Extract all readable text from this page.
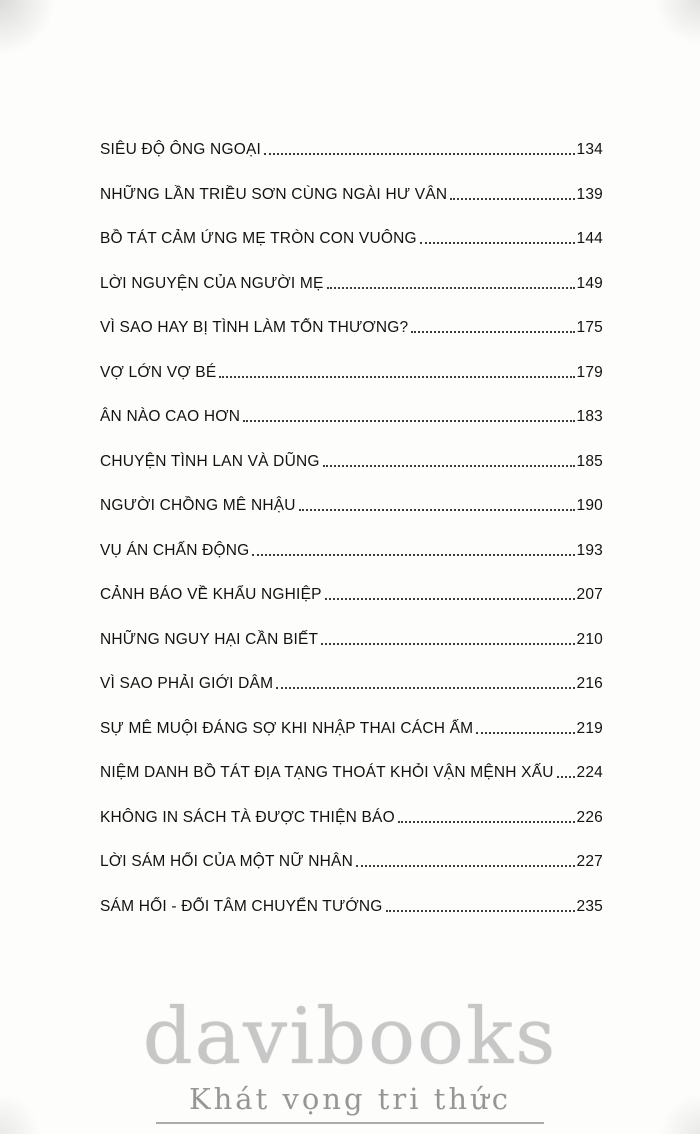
SIÊU ĐỘ ÔNG NGOẠI	134
NHỮNG LẦN TRIỀU SƠN CÙNG NGÀI HƯ VÂN	139
BỒ TÁT CẢM ỨNG MẸ TRÒN CON VUÔNG	144
LỜI NGUYỆN CỦA NGƯỜI MẸ	149
VÌ SAO HAY BỊ TÌNH LÀM TỔN THƯƠNG?	175
VỢ LỚN VỢ BÉ	179
ÂN NÀO CAO HƠN	183
CHUYỆN TÌNH LAN VÀ DŨNG	185
NGƯỜI CHỒNG MÊ NHẬU	190
VỤ ÁN CHẤN ĐỘNG	193
CẢNH BÁO VỀ KHẨU NGHIỆP	207
NHỮNG NGUY HẠI CẦN BIẾT	210
VÌ SAO PHẢI GIỚI DÂM	216
SỰ MÊ MUỘI ĐÁNG SỢ KHI NHẬP THAI CÁCH ẤM	219
NIỆM DANH BỒ TÁT ĐỊA TẠNG THOÁT KHỎI VẬN MỆNH XẤU 224
KHÔNG IN SÁCH TÀ ĐƯỢC THIỆN BÁO	226
LỜI SÁM HỐI CỦA MỘT NỮ NHÂN	227
SÁM HỐI - ĐỔI TÂM CHUYỂN TƯỚNG	235
davibooks
Khát vọng tri thức
